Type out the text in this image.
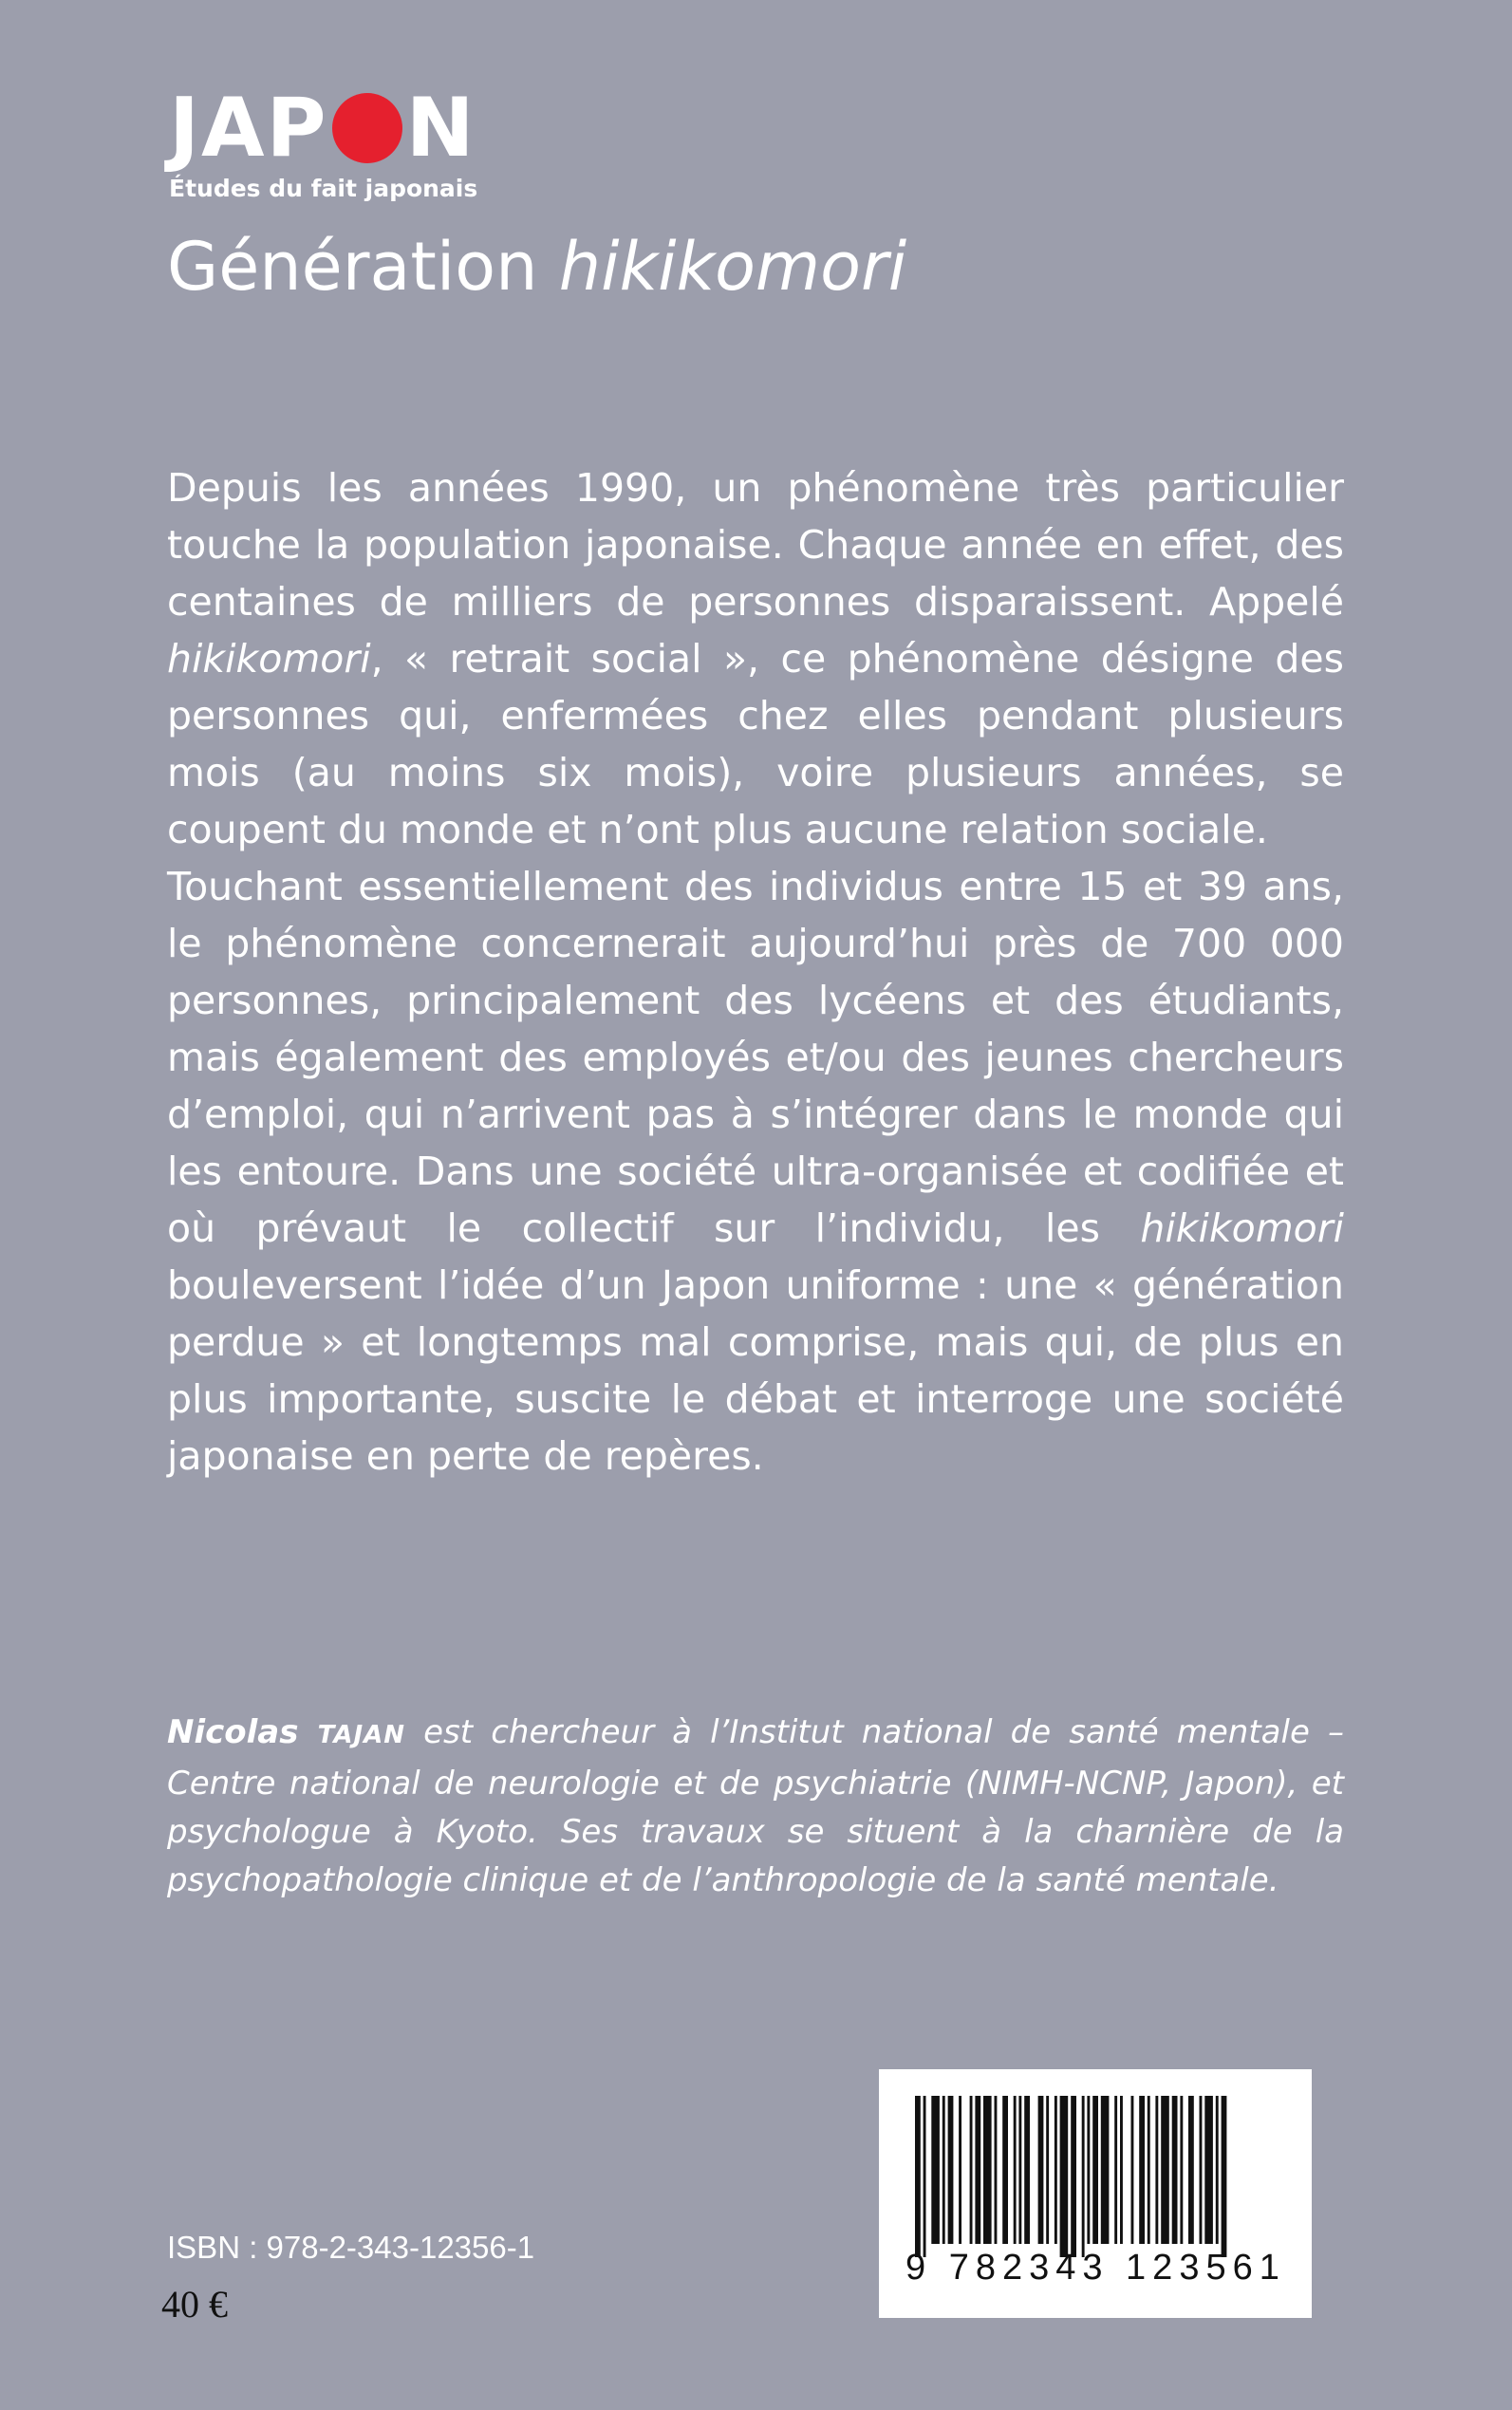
JAP N
Études du fait japonais
Génération hikikomori

Depuis les années 1990, un phénomène très particulier touche la population japonaise. Chaque année en effet, des centaines de milliers de personnes disparaissent. Appelé hikikomori, « retrait social », ce phénomène désigne des personnes qui, enfermées chez elles pendant plusieurs mois (au moins six mois), voire plusieurs années, se coupent du monde et n’ont plus aucune relation sociale.

Touchant essentiellement des individus entre 15 et 39 ans, le phénomène concernerait aujourd’hui près de 700 000 personnes, principalement des lycéens et des étudiants, mais également des employés et/ou des jeunes chercheurs d’emploi, qui n’arrivent pas à s’intégrer dans le monde qui les entoure. Dans une société ultra-organisée et codifiée et où prévaut le collectif sur l’individu, les hikikomori bouleversent l’idée d’un Japon uniforme : une « génération perdue » et longtemps mal comprise, mais qui, de plus en plus importante, suscite le débat et interroge une société japonaise en perte de repères.

Nicolas TAJAN est chercheur à l’Institut national de santé mentale – Centre national de neurologie et de psychiatrie (NIMH-NCNP, Japon), et psychologue à Kyoto. Ses travaux se situent à la charnière de la psychopathologie clinique et de l’anthropologie de la santé mentale.
ISBN : 978-2-343-12356-1
40 €
9 782343 123561
